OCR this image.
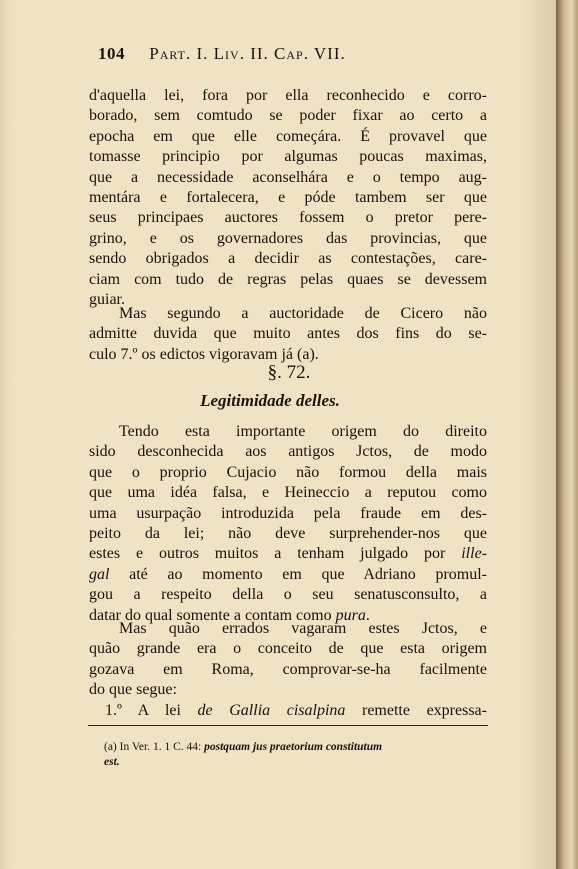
104 Part. I. Liv. II. Cap. VII.
d'aquella lei, fora por ella reconhecido e corro-
borado, sem comtudo se poder fixar ao certo a
epocha em que elle começára. É provavel que
tomasse principio por algumas poucas maximas,
que a necessidade aconselhára e o tempo aug-
mentára e fortalecera, e póde tambem ser que
seus principaes auctores fossem o pretor pere-
grino, e os governadores das provincias, que
sendo obrigados a decidir as contestações, care-
ciam com tudo de regras pelas quaes se devessem
guiar.
Mas segundo a auctoridade de Cicero não
admitte duvida que muito antes dos fins do se-
culo 7.º os edictos vigoravam já (a).
§. 72.
Legitimidade delles.
Tendo esta importante origem do direito
sido desconhecida aos antigos Jctos, de modo
que o proprio Cujacio não formou della mais
que uma idéa falsa, e Heineccio a reputou como
uma usurpação introduzida pela fraude em des-
peito da lei; não deve surprehender-nos que
estes e outros muitos a tenham julgado por ille-
gal até ao momento em que Adriano promul-
gou a respeito della o seu senatusconsulto, a
datar do qual somente a contam como pura.
Mas quão errados vagaram estes Jctos, e
quão grande era o conceito de que esta origem
gozava em Roma, comprovar-se-ha facilmente
do que segue:
1.º A lei de Gallia cisalpina remette expressa-
(a) In Ver. 1. 1 C. 44: postquam jus praetorium constitutum
est.
